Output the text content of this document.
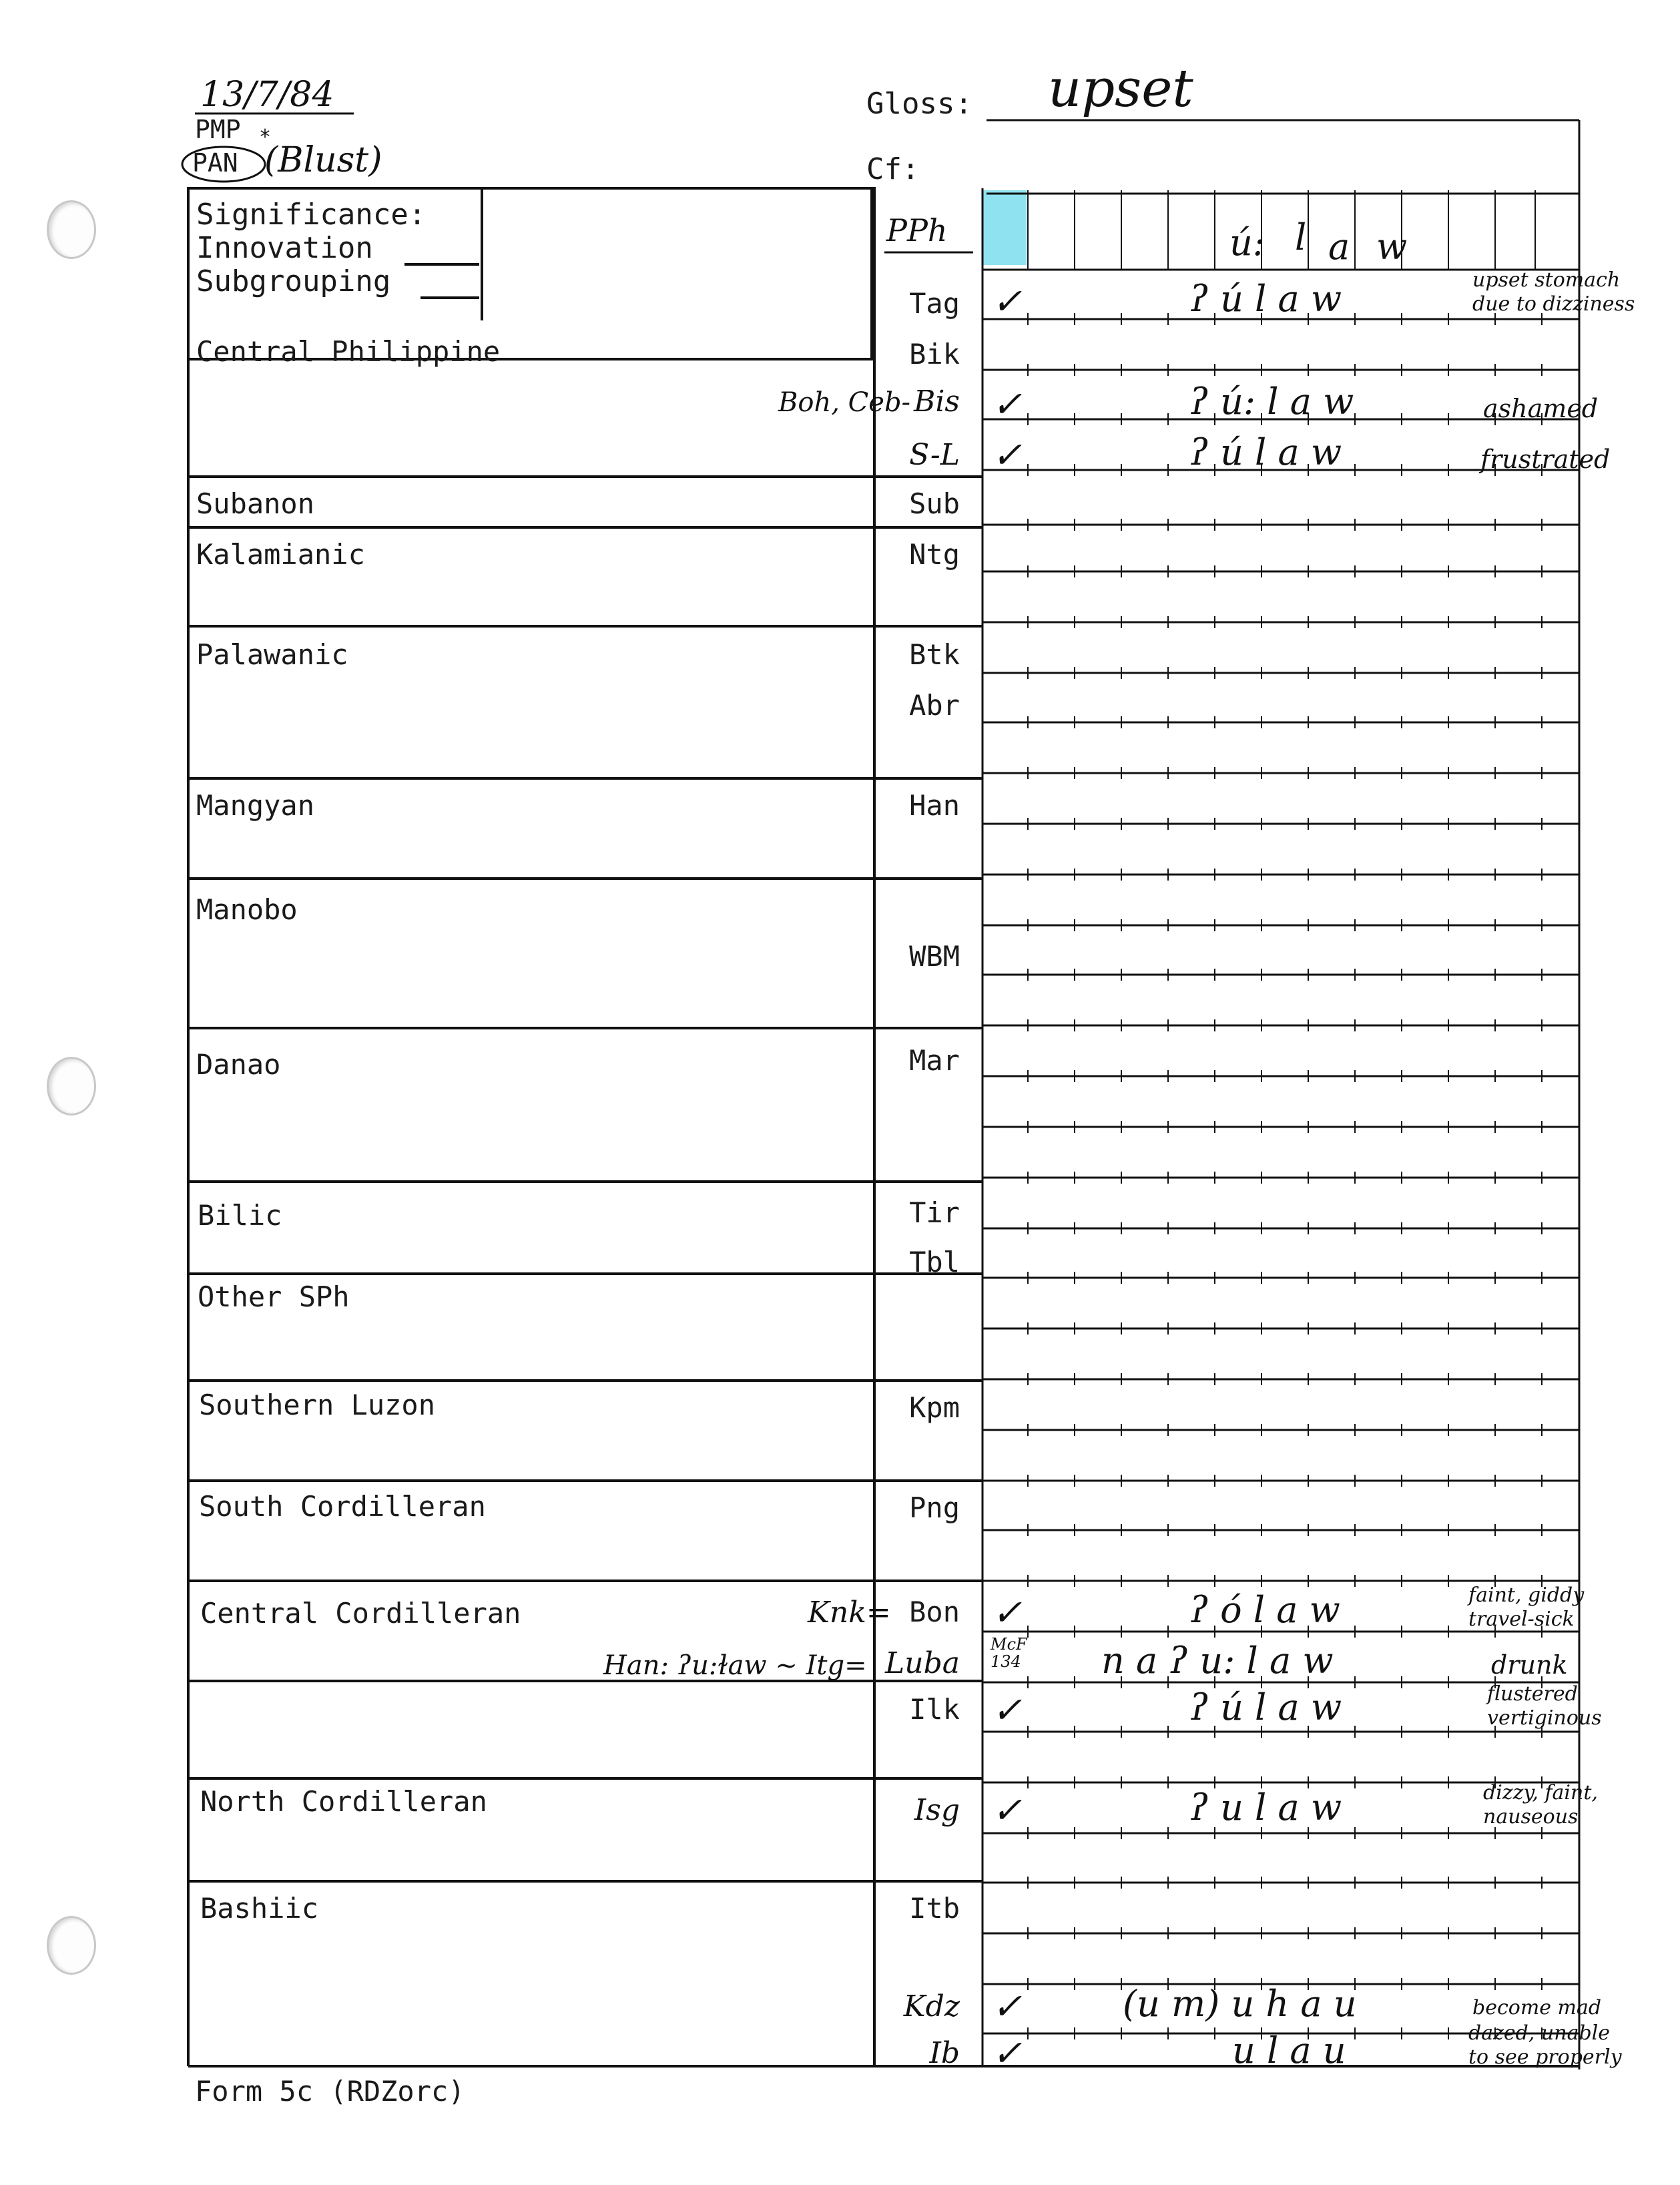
13/7/84
PMP *
PAN (Blust)
Gloss: upset
Cf:
Significance:
Innovation
Subgrouping
PPh	ú: l a w
Central Philippine
Subanon
Kalamianic
Palawanic
Mangyan
Manobo
Danao
Bilic
Other SPh
Southern Luzon
South Cordilleran
Central Cordilleran
North Cordilleran
Bashiic
Tag
Bik
Bis
S-L
Sub
Ntg
Btk
Abr
Han
WBM
Mar
Tir
Tbl
Kpm
Png
Bon
Luba
Ilk
Isg
Itb
Kdz
Ib
Boh, Ceb-
Knk=
Han: ʔu:ɫaw ~ Itg=
✓
✓
✓
✓
McF 134
✓
✓
✓
✓
ʔ ú l a w
ʔ ú: l a w
ʔ ú l a w
ʔ ó l a w
n a ʔ u: l a w
ʔ ú l a w
ʔ u l a w
(u m) u h a u
u l a u
upset stomach due to dizziness
ashamed
frustrated
faint, giddy travel-sick
drunk
flustered vertiginous
dizzy, faint, nauseous
become mad
dazed, unable to see properly
Form 5c (RDZorc)
